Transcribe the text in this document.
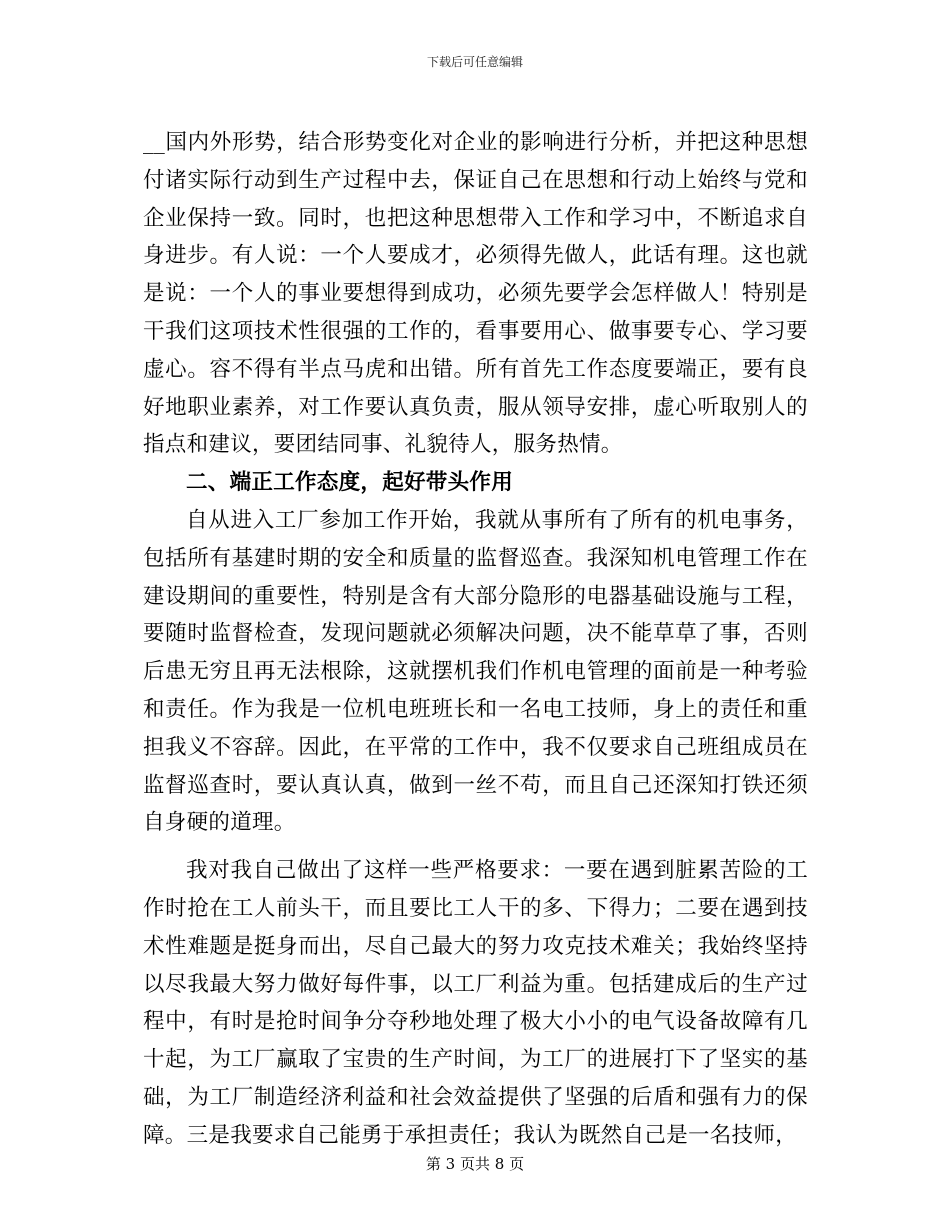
下载后可任意编辑

__国内外形势，结合形势变化对企业的影响进行分析，并把这种思想付诸实际行动到生产过程中去，保证自己在思想和行动上始终与党和企业保持一致。同时，也把这种思想带入工作和学习中，不断追求自身进步。有人说：一个人要成才，必须得先做人，此话有理。这也就是说：一个人的事业要想得到成功，必须先要学会怎样做人！特别是干我们这项技术性很强的工作的，看事要用心、做事要专心、学习要虚心。容不得有半点马虎和出错。所有首先工作态度要端正，要有良好地职业素养，对工作要认真负责，服从领导安排，虚心听取别人的指点和建议，要团结同事、礼貌待人，服务热情。

二、端正工作态度，起好带头作用

自从进入工厂参加工作开始，我就从事所有了所有的机电事务，包括所有基建时期的安全和质量的监督巡查。我深知机电管理工作在建设期间的重要性，特别是含有大部分隐形的电器基础设施与工程，要随时监督检查，发现问题就必须解决问题，决不能草草了事，否则后患无穷且再无法根除，这就摆机我们作机电管理的面前是一种考验和责任。作为我是一位机电班班长和一名电工技师，身上的责任和重担我义不容辞。因此，在平常的工作中，我不仅要求自己班组成员在监督巡查时，要认真认真，做到一丝不苟，而且自己还深知打铁还须自身硬的道理。

我对我自己做出了这样一些严格要求：一要在遇到脏累苦险的工作时抢在工人前头干，而且要比工人干的多、下得力；二要在遇到技术性难题是挺身而出，尽自己最大的努力攻克技术难关；我始终坚持以尽我最大努力做好每件事，以工厂利益为重。包括建成后的生产过程中，有时是抢时间争分夺秒地处理了极大小小的电气设备故障有几十起，为工厂赢取了宝贵的生产时间，为工厂的进展打下了坚实的基础，为工厂制造经济利益和社会效益提供了坚强的后盾和强有力的保障。三是我要求自己能勇于承担责任；我认为既然自己是一名技师，

第 3 页共 8 页
